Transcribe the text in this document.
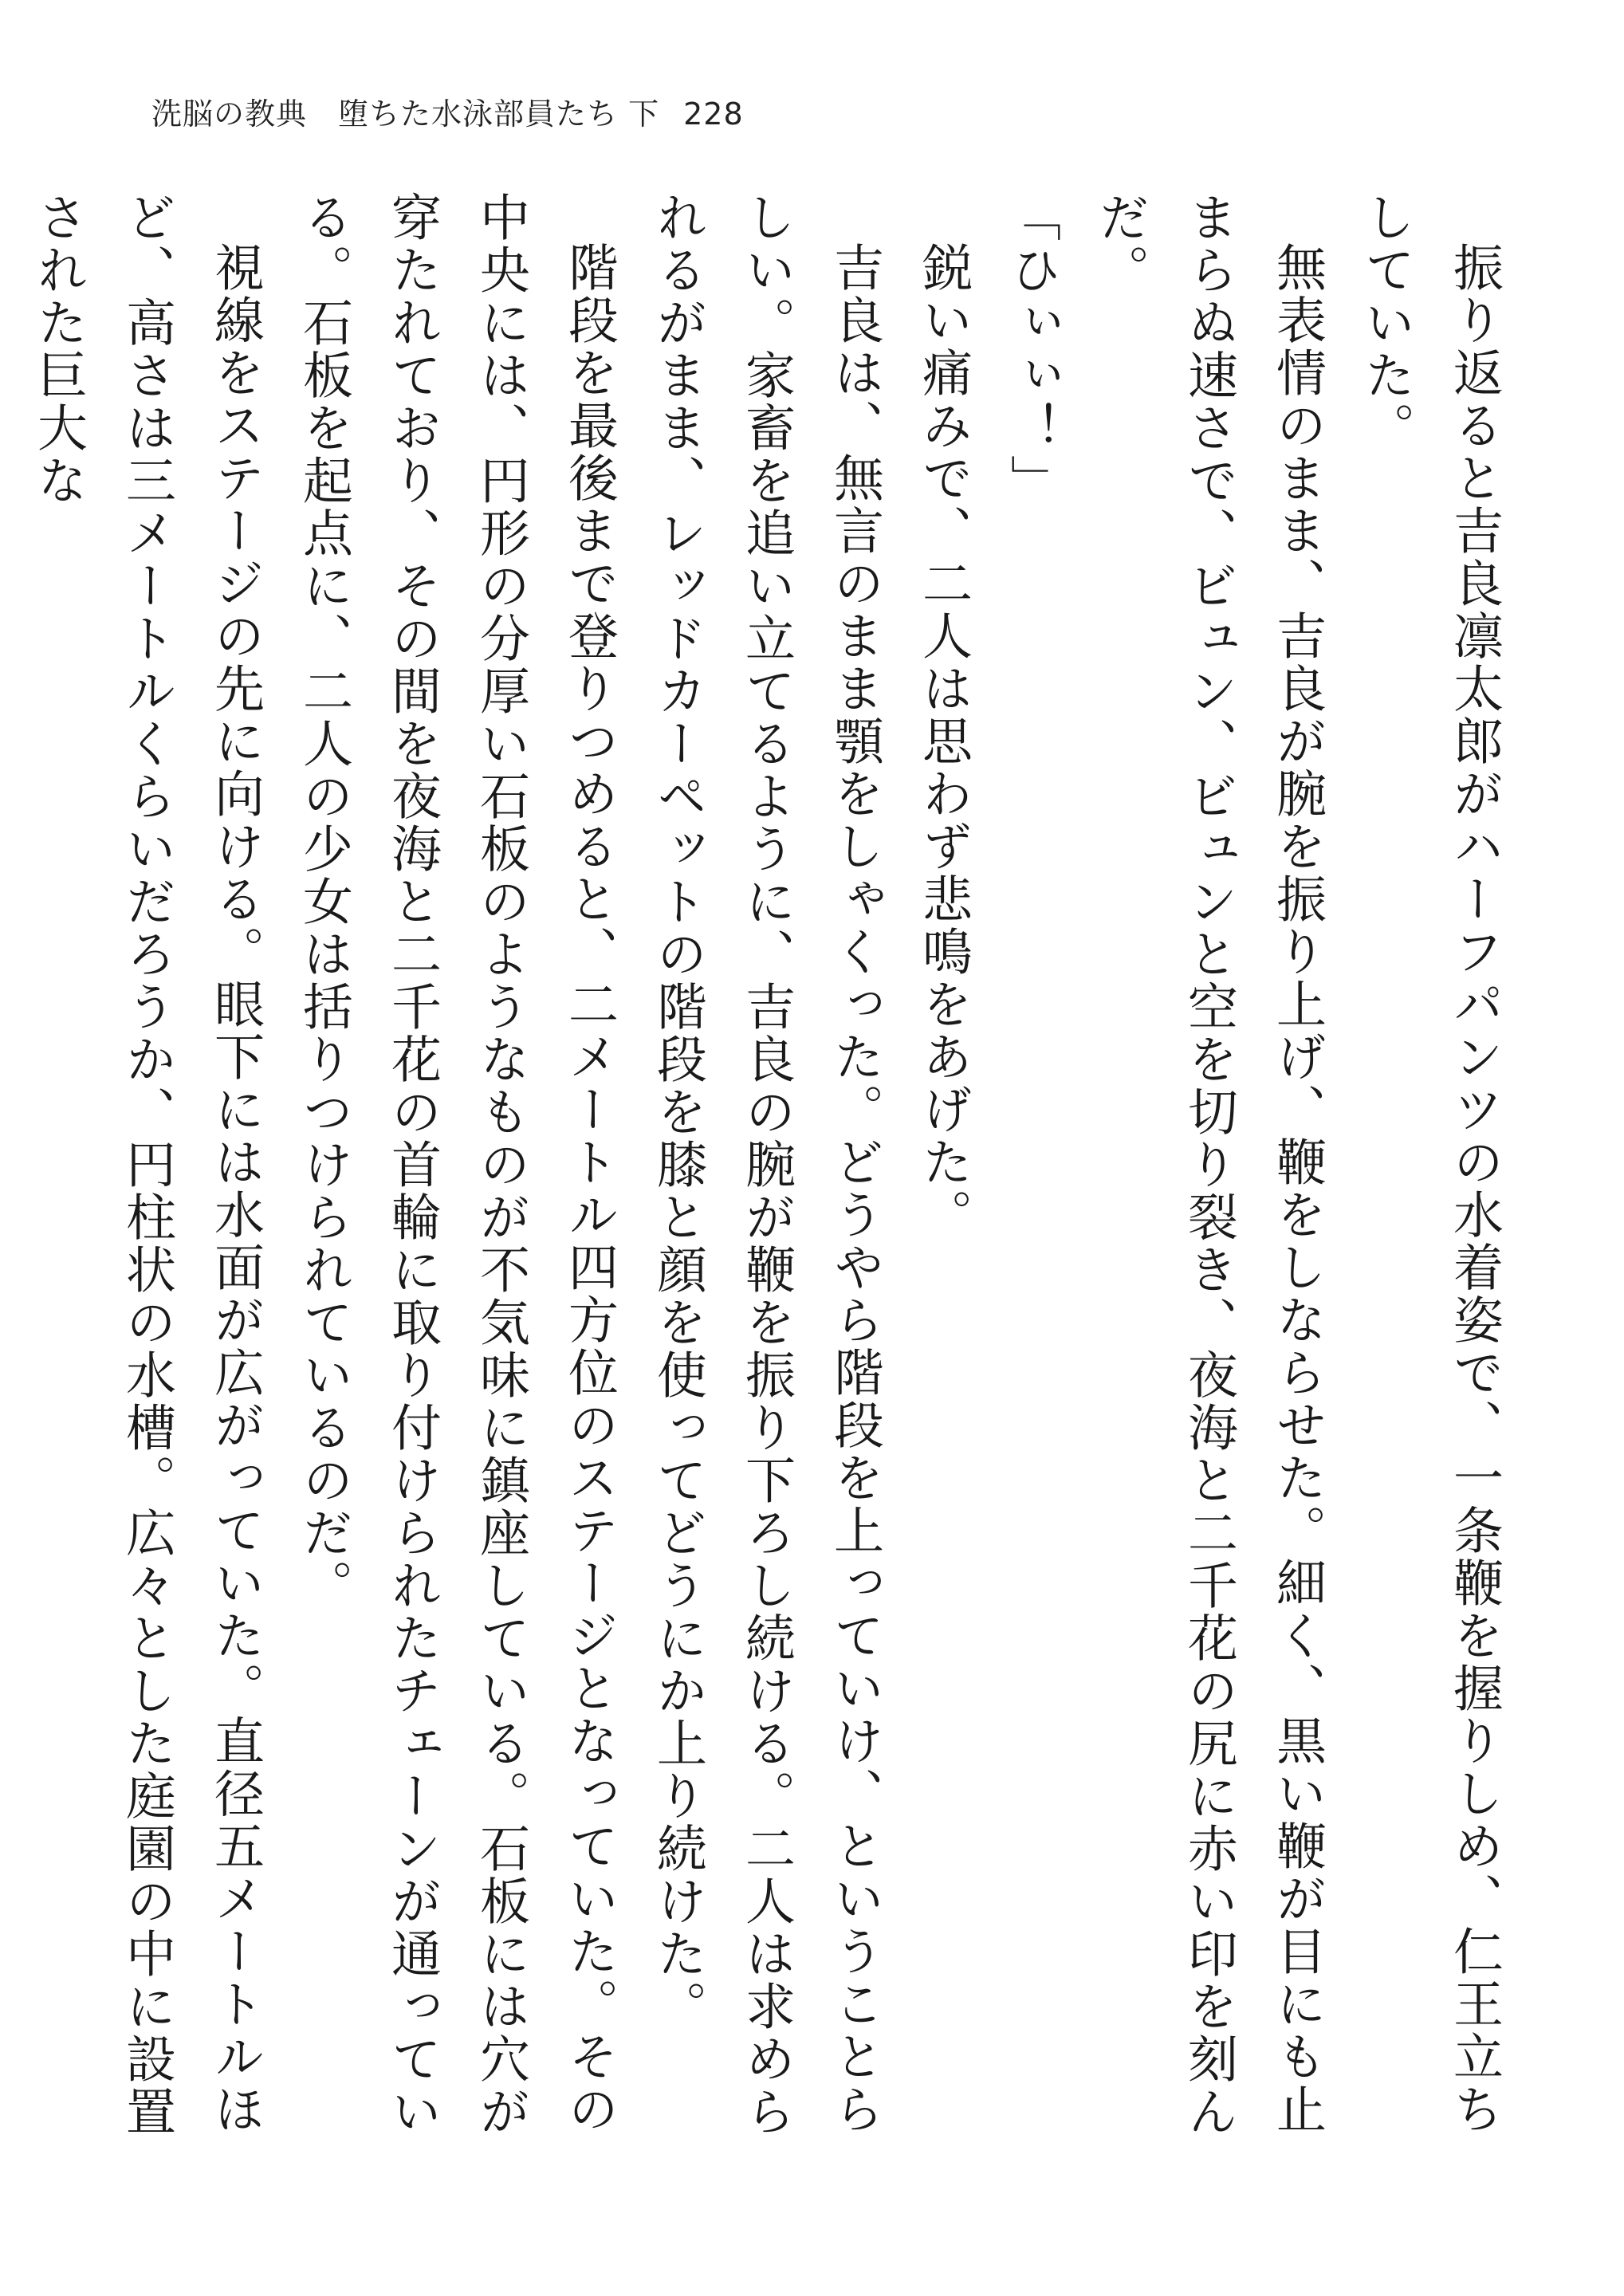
洗脳の教典　堕ちた水泳部員たち 下 228

振り返ると吉良凛太郎がハーフパンツの水着姿で、一条鞭を握りしめ、仁王立ちしていた。

無表情のまま、吉良が腕を振り上げ、鞭をしならせた。細く、黒い鞭が目にも止まらぬ速さで、ビュン、ビュンと空を切り裂き、夜海と二千花の尻に赤い印を刻んだ。

「ひぃぃ！」

鋭い痛みで、二人は思わず悲鳴をあげた。

吉良は、無言のまま顎をしゃくった。どうやら階段を上っていけ、ということらしい。家畜を追い立てるように、吉良の腕が鞭を振り下ろし続ける。二人は求められるがまま、レッドカーペットの階段を膝と顔を使ってどうにか上り続けた。

階段を最後まで登りつめると、二メートル四方位のステージとなっていた。その中央には、円形の分厚い石板のようなものが不気味に鎮座している。石板には穴が穿たれており、その間を夜海と二千花の首輪に取り付けられたチェーンが通っている。石板を起点に、二人の少女は括りつけられているのだ。

視線をステージの先に向ける。眼下には水面が広がっていた。直径五メートルほど、高さは三メートルくらいだろうか、円柱状の水槽。広々とした庭園の中に設置された巨大な
